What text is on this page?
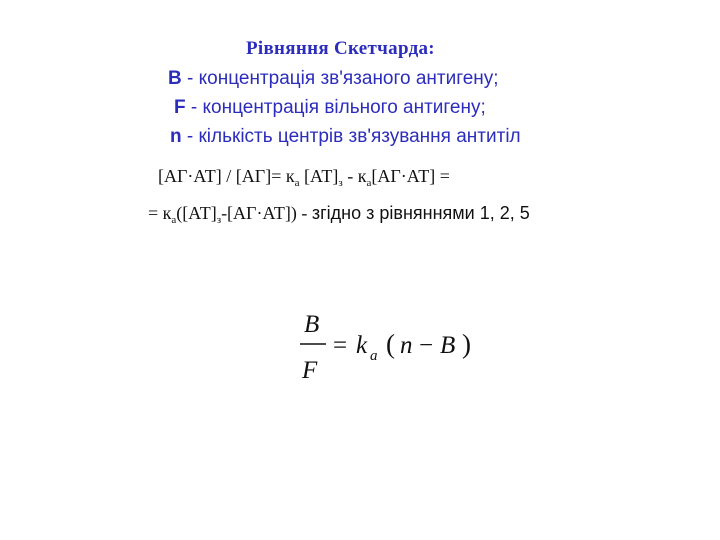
Рівняння Скетчарда:
B - концентрація зв'язаного антигену;
F - концентрація вільного антигену;
n - кількість центрів зв'язування антитіл
$[АГ\cdot АТ] / [АГ]= к_а$ $[АТ]_з - к_а[АГ\cdot АТ]$ =
= $к_а([АТ]_з-[АГ\cdot АТ])$ - згідно з рівняннями 1, 2, 5
B
F
= k a ( n − B )
